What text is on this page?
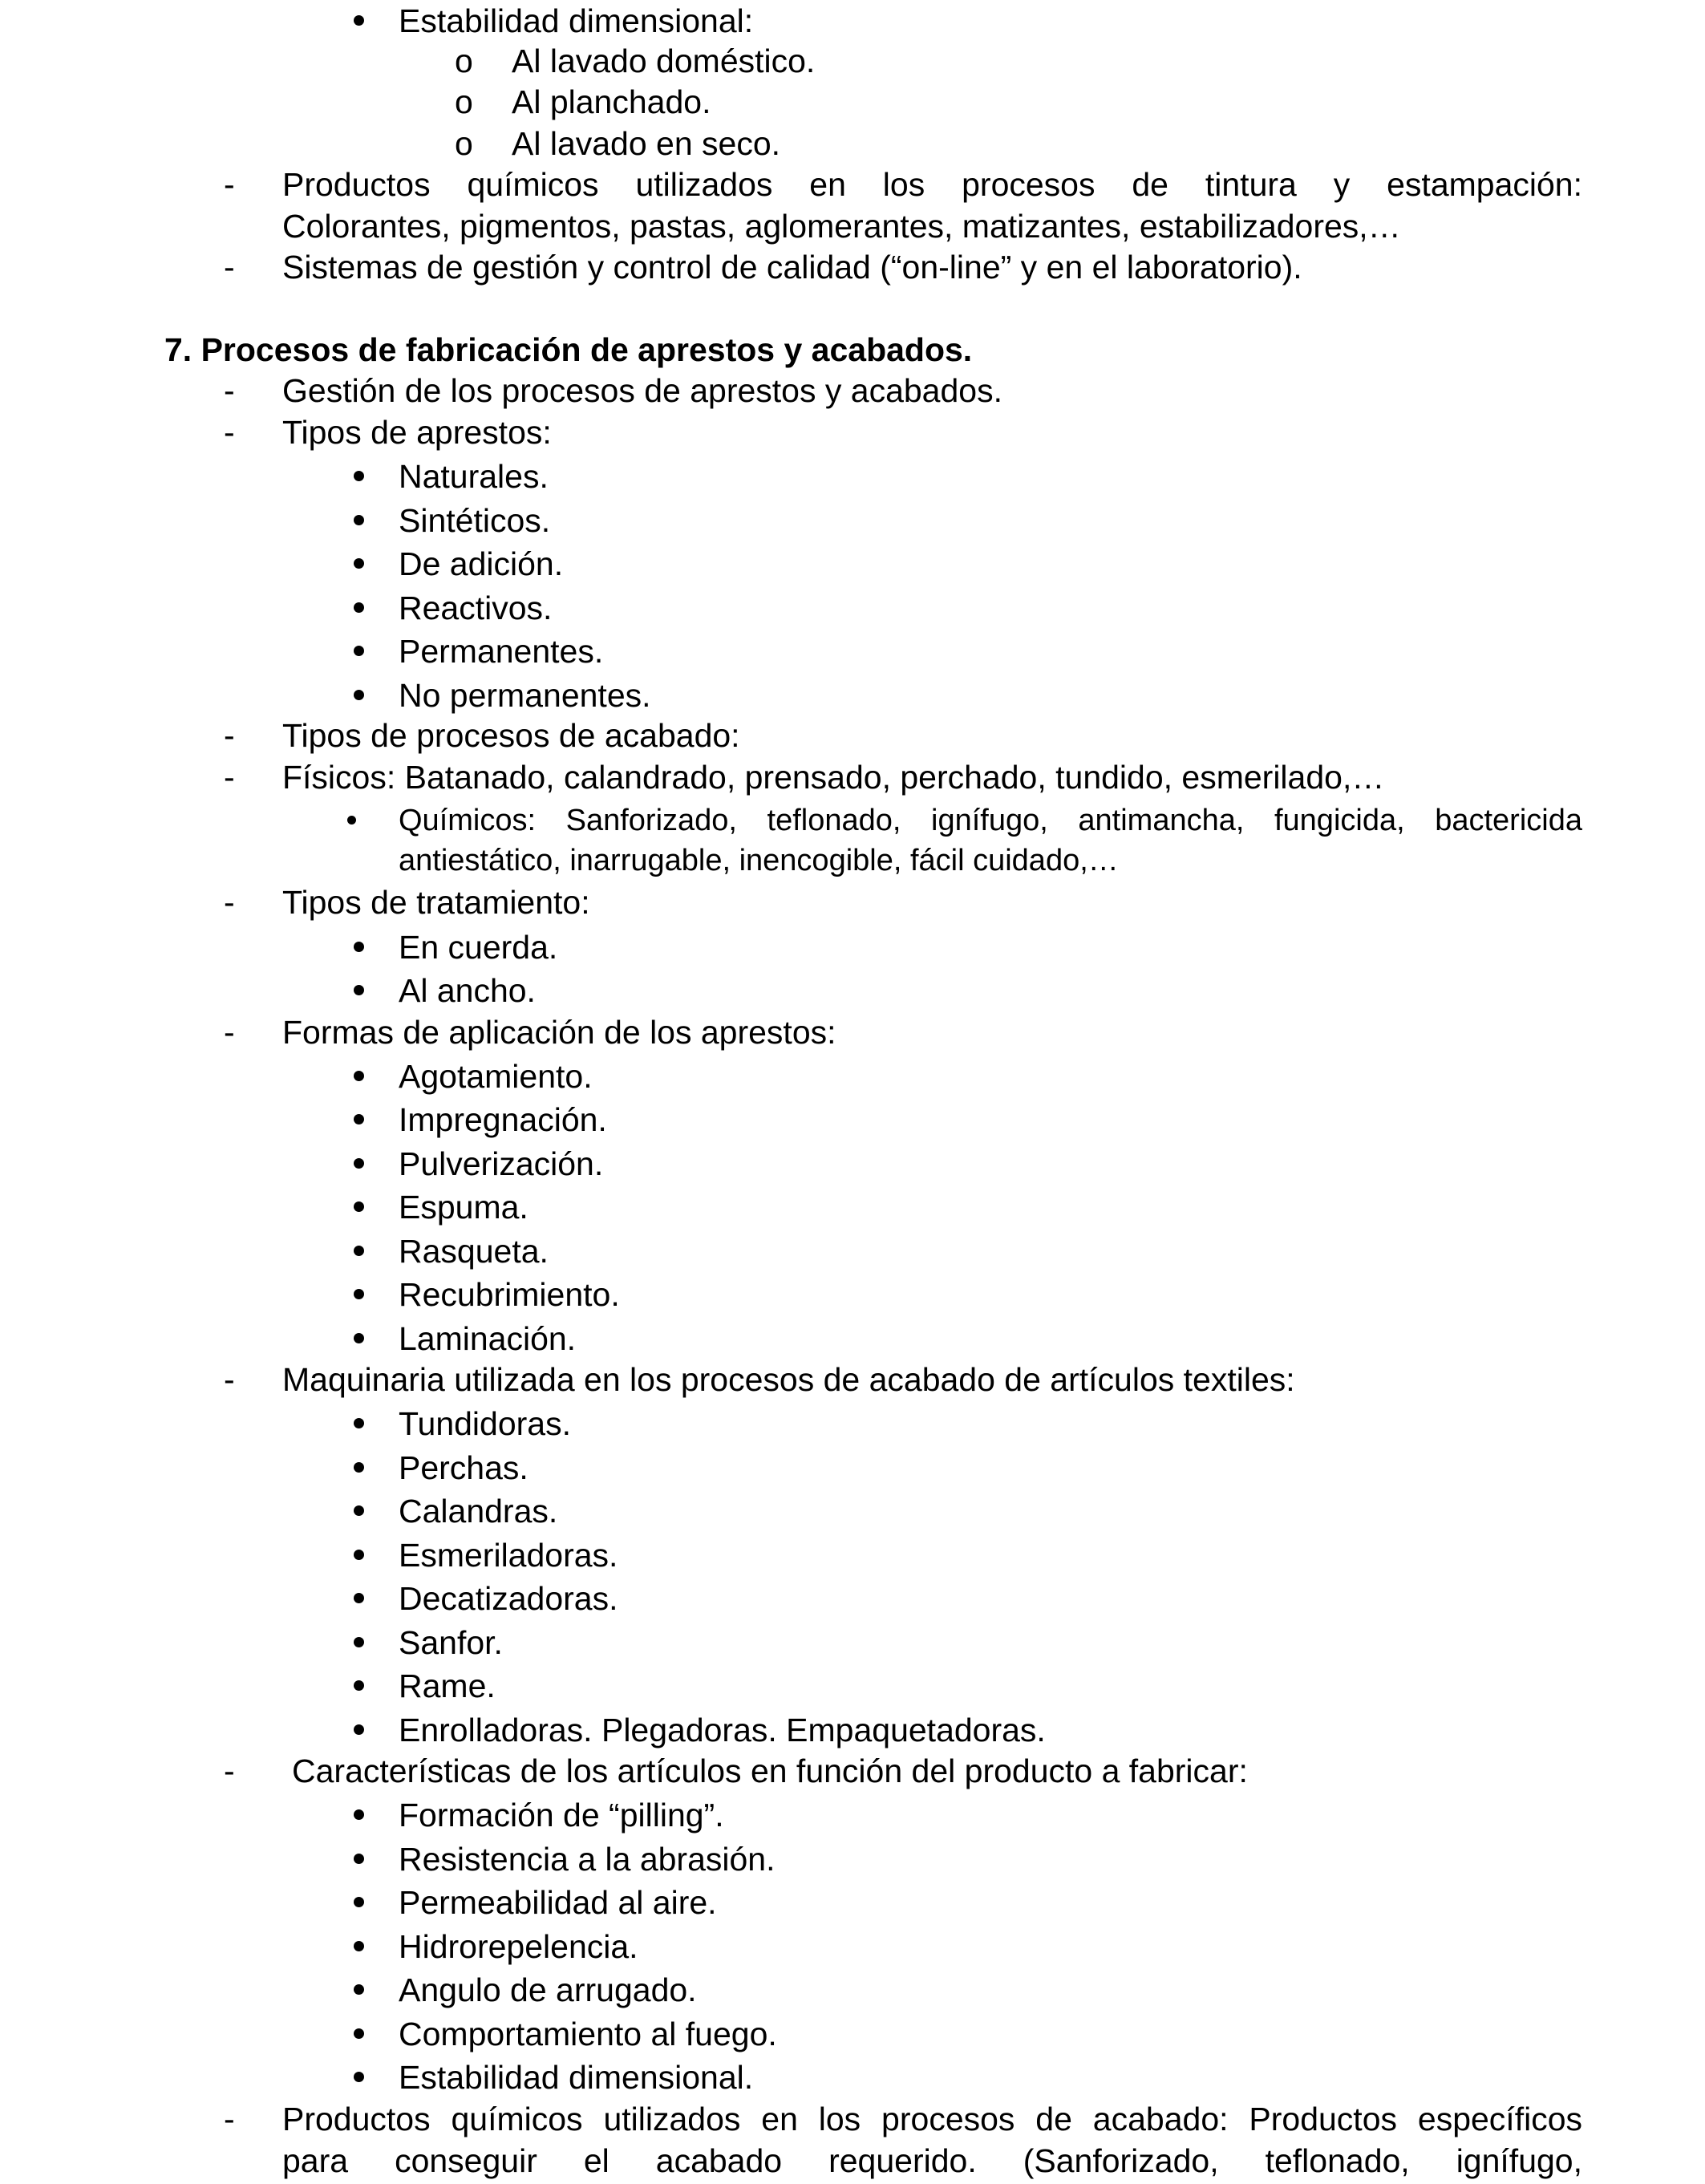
Estabilidad dimensional:
o Al lavado doméstico.
o Al planchado.
o Al lavado en seco.
- Productos químicos utilizados en los procesos de tintura y estampación:
Colorantes, pigmentos, pastas, aglomerantes, matizantes, estabilizadores,…
- Sistemas de gestión y control de calidad (“on-line” y en el laboratorio).
7. Procesos de fabricación de aprestos y acabados.
- Gestión de los procesos de aprestos y acabados.
- Tipos de aprestos:
Naturales.
Sintéticos.
De adición.
Reactivos.
Permanentes.
No permanentes.
- Tipos de procesos de acabado:
- Físicos: Batanado, calandrado, prensado, perchado, tundido, esmerilado,…
Químicos: Sanforizado, teflonado, ignífugo, antimancha, fungicida, bactericida
antiestático, inarrugable, inencogible, fácil cuidado,…
- Tipos de tratamiento:
En cuerda.
Al ancho.
- Formas de aplicación de los aprestos:
Agotamiento.
Impregnación.
Pulverización.
Espuma.
Rasqueta.
Recubrimiento.
Laminación.
- Maquinaria utilizada en los procesos de acabado de artículos textiles:
Tundidoras.
Perchas.
Calandras.
Esmeriladoras.
Decatizadoras.
Sanfor.
Rame.
Enrolladoras. Plegadoras. Empaquetadoras.
- Características de los artículos en función del producto a fabricar:
Formación de “pilling”.
Resistencia a la abrasión.
Permeabilidad al aire.
Hidrorepelencia.
Angulo de arrugado.
Comportamiento al fuego.
Estabilidad dimensional.
- Productos químicos utilizados en los procesos de acabado: Productos específicos
para conseguir el acabado requerido. (Sanforizado, teflonado, ignífugo,
